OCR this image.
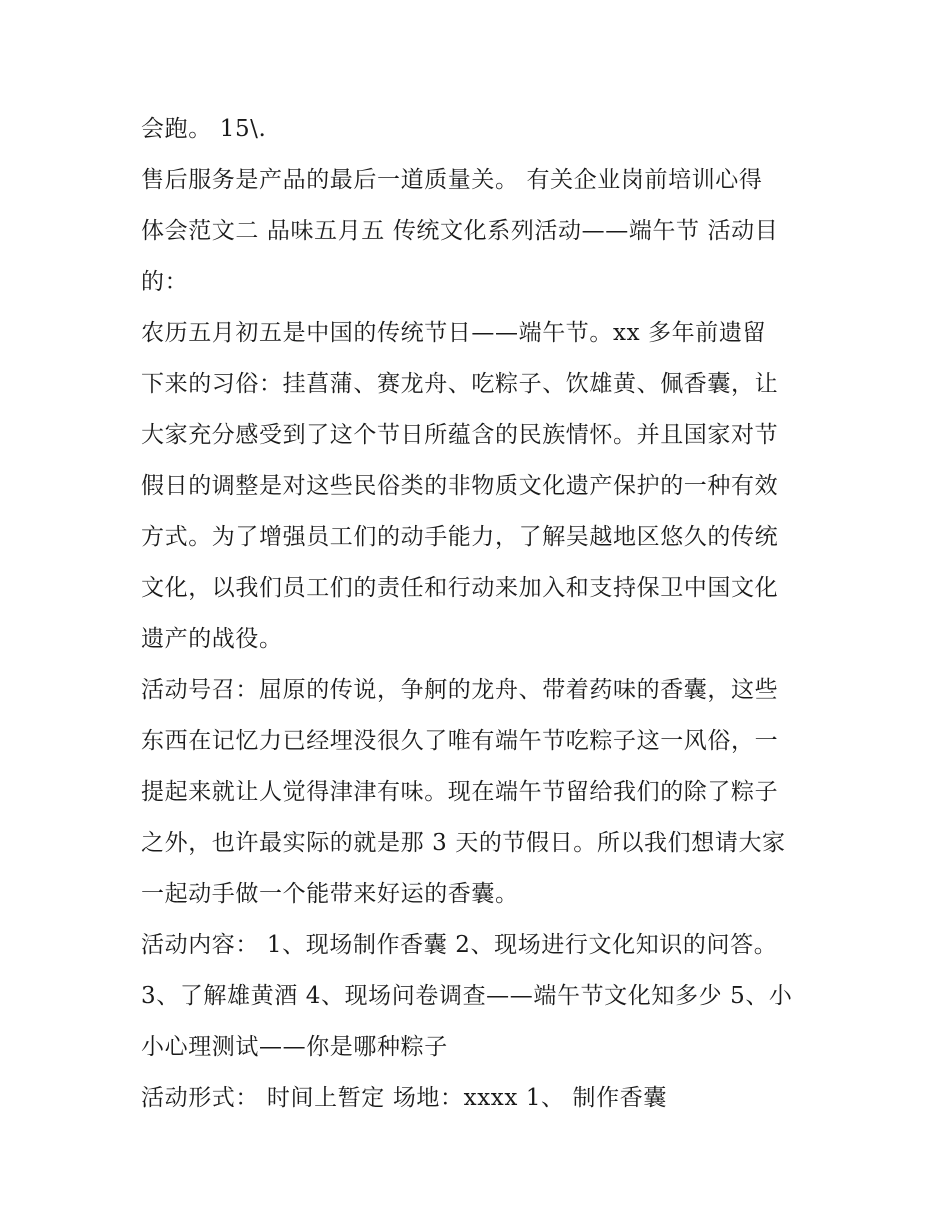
会跑。 15\.
售后服务是产品的最后一道质量关。 有关企业岗前培训心得
体会范文二 品味五月五 传统文化系列活动——端午节 活动目
的：
农历五月初五是中国的传统节日——端午节。xx 多年前遗留
下来的习俗：挂菖蒲、赛龙舟、吃粽子、饮雄黄、佩香囊，让
大家充分感受到了这个节日所蕴含的民族情怀。并且国家对节
假日的调整是对这些民俗类的非物质文化遗产保护的一种有效
方式。为了增强员工们的动手能力，了解吴越地区悠久的传统
文化，以我们员工们的责任和行动来加入和支持保卫中国文化
遗产的战役。
活动号召：屈原的传说，争舸的龙舟、带着药味的香囊，这些
东西在记忆力已经埋没很久了唯有端午节吃粽子这一风俗，一
提起来就让人觉得津津有味。现在端午节留给我们的除了粽子
之外，也许最实际的就是那 3 天的节假日。所以我们想请大家
一起动手做一个能带来好运的香囊。
活动内容： 1、现场制作香囊 2、现场进行文化知识的问答。
3、了解雄黄酒 4、现场问卷调查——端午节文化知多少 5、小
小心理测试——你是哪种粽子
活动形式： 时间上暂定 场地：xxxx 1、 制作香囊
